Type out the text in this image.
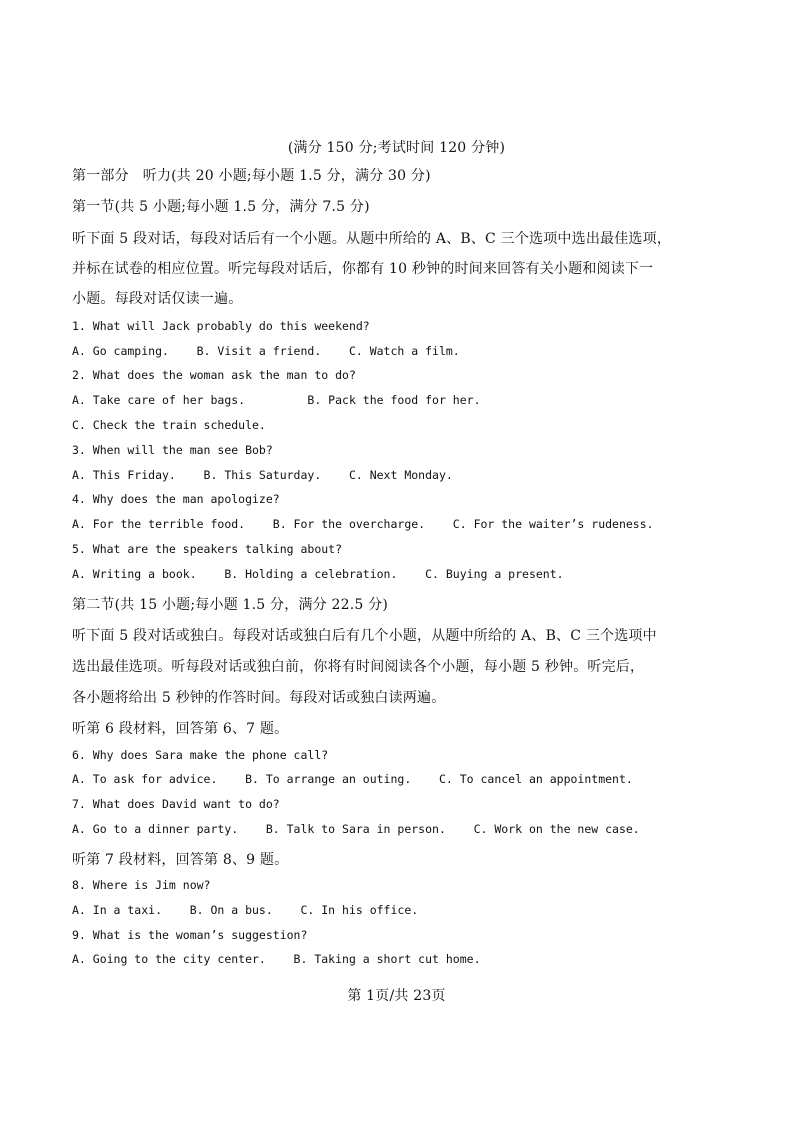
(满分 150 分;考试时间 120 分钟)
第一部分   听力(共 20 小题;每小题 1.5 分，满分 30 分)
第一节(共 5 小题;每小题 1.5 分，满分 7.5 分)
听下面 5 段对话，每段对话后有一个小题。从题中所给的 A、B、C 三个选项中选出最佳选项，
并标在试卷的相应位置。听完每段对话后，你都有 10 秒钟的时间来回答有关小题和阅读下一
小题。每段对话仅读一遍。
1. What will Jack probably do this weekend?
A. Go camping.    B. Visit a friend.    C. Watch a film.
2. What does the woman ask the man to do?
A. Take care of her bags.         B. Pack the food for her.
C. Check the train schedule.
3. When will the man see Bob?
A. This Friday.    B. This Saturday.    C. Next Monday.
4. Why does the man apologize?
A. For the terrible food.    B. For the overcharge.    C. For the waiter’s rudeness.
5. What are the speakers talking about?
A. Writing a book.    B. Holding a celebration.    C. Buying a present.
第二节(共 15 小题;每小题 1.5 分，满分 22.5 分)
听下面 5 段对话或独白。每段对话或独白后有几个小题，从题中所给的 A、B、C 三个选项中
选出最佳选项。听每段对话或独白前，你将有时间阅读各个小题，每小题 5 秒钟。听完后，
各小题将给出 5 秒钟的作答时间。每段对话或独白读两遍。
听第 6 段材料，回答第 6、7 题。
6. Why does Sara make the phone call?
A. To ask for advice.    B. To arrange an outing.    C. To cancel an appointment.
7. What does David want to do?
A. Go to a dinner party.    B. Talk to Sara in person.    C. Work on the new case.
听第 7 段材料，回答第 8、9 题。
8. Where is Jim now?
A. In a taxi.    B. On a bus.    C. In his office.
9. What is the woman’s suggestion?
A. Going to the city center.    B. Taking a short cut home.
第 1页/共 23页
